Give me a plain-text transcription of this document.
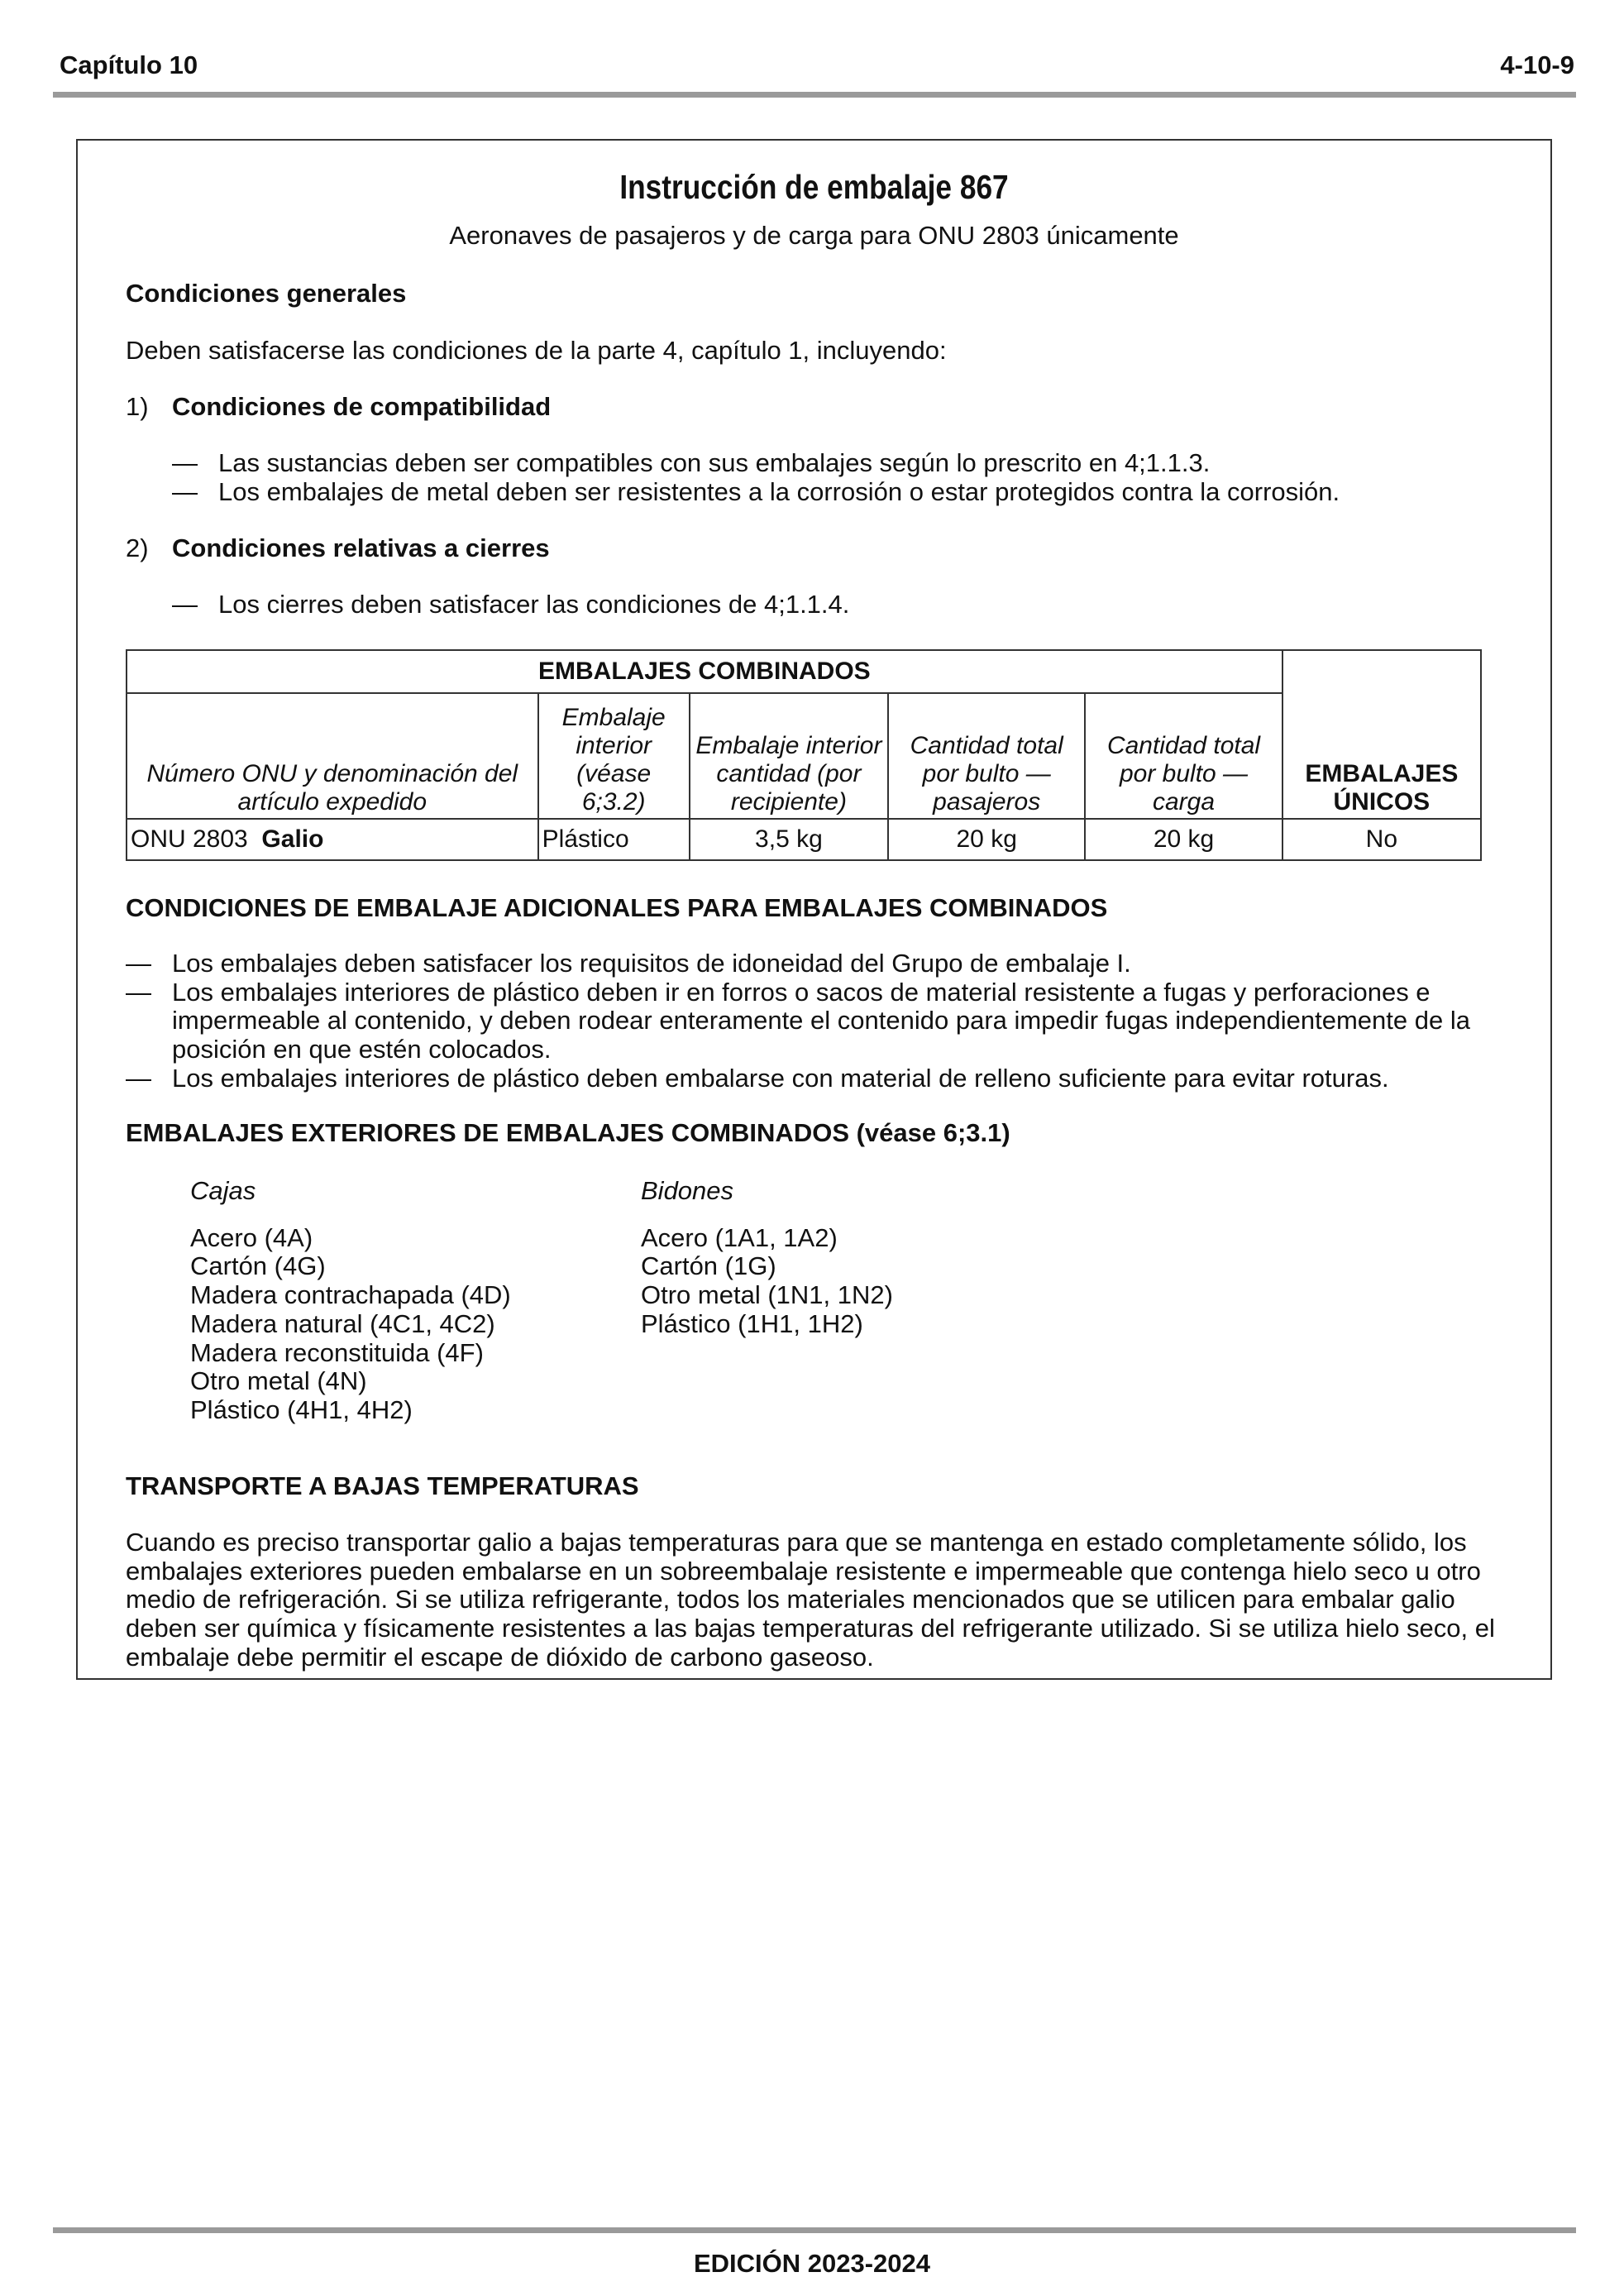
Capítulo 10	4-10-9
Instrucción de embalaje 867
Aeronaves de pasajeros y de carga para ONU 2803 únicamente
Condiciones generales
Deben satisfacerse las condiciones de la parte 4, capítulo 1, incluyendo:
1) Condiciones de compatibilidad
— Las sustancias deben ser compatibles con sus embalajes según lo prescrito en 4;1.1.3.
— Los embalajes de metal deben ser resistentes a la corrosión o estar protegidos contra la corrosión.
2) Condiciones relativas a cierres
— Los cierres deben satisfacer las condiciones de 4;1.1.4.
EMBALAJES COMBINADOS					EMBALAJES ÚNICOS
Número ONU y denominación del artículo expedido	Embalaje interior (véase 6;3.2)	Embalaje interior cantidad (por recipiente)	Cantidad total por bulto — pasajeros	Cantidad total por bulto — carga	
ONU 2803 Galio	Plástico	3,5 kg	20 kg	20 kg	No
CONDICIONES DE EMBALAJE ADICIONALES PARA EMBALAJES COMBINADOS
— Los embalajes deben satisfacer los requisitos de idoneidad del Grupo de embalaje I.
— Los embalajes interiores de plástico deben ir en forros o sacos de material resistente a fugas y perforaciones e impermeable al contenido, y deben rodear enteramente el contenido para impedir fugas independientemente de la posición en que estén colocados.
— Los embalajes interiores de plástico deben embalarse con material de relleno suficiente para evitar roturas.
EMBALAJES EXTERIORES DE EMBALAJES COMBINADOS (véase 6;3.1)
Cajas
Acero (4A)
Cartón (4G)
Madera contrachapada (4D)
Madera natural (4C1, 4C2)
Madera reconstituida (4F)
Otro metal (4N)
Plástico (4H1, 4H2)
Bidones
Acero (1A1, 1A2)
Cartón (1G)
Otro metal (1N1, 1N2)
Plástico (1H1, 1H2)
TRANSPORTE A BAJAS TEMPERATURAS

Cuando es preciso transportar galio a bajas temperaturas para que se mantenga en estado completamente sólido, los embalajes exteriores pueden embalarse en un sobreembalaje resistente e impermeable que contenga hielo seco u otro medio de refrigeración. Si se utiliza refrigerante, todos los materiales mencionados que se utilicen para embalar galio deben ser química y físicamente resistentes a las bajas temperaturas del refrigerante utilizado. Si se utiliza hielo seco, el embalaje debe permitir el escape de dióxido de carbono gaseoso.

EDICIÓN 2023-2024
